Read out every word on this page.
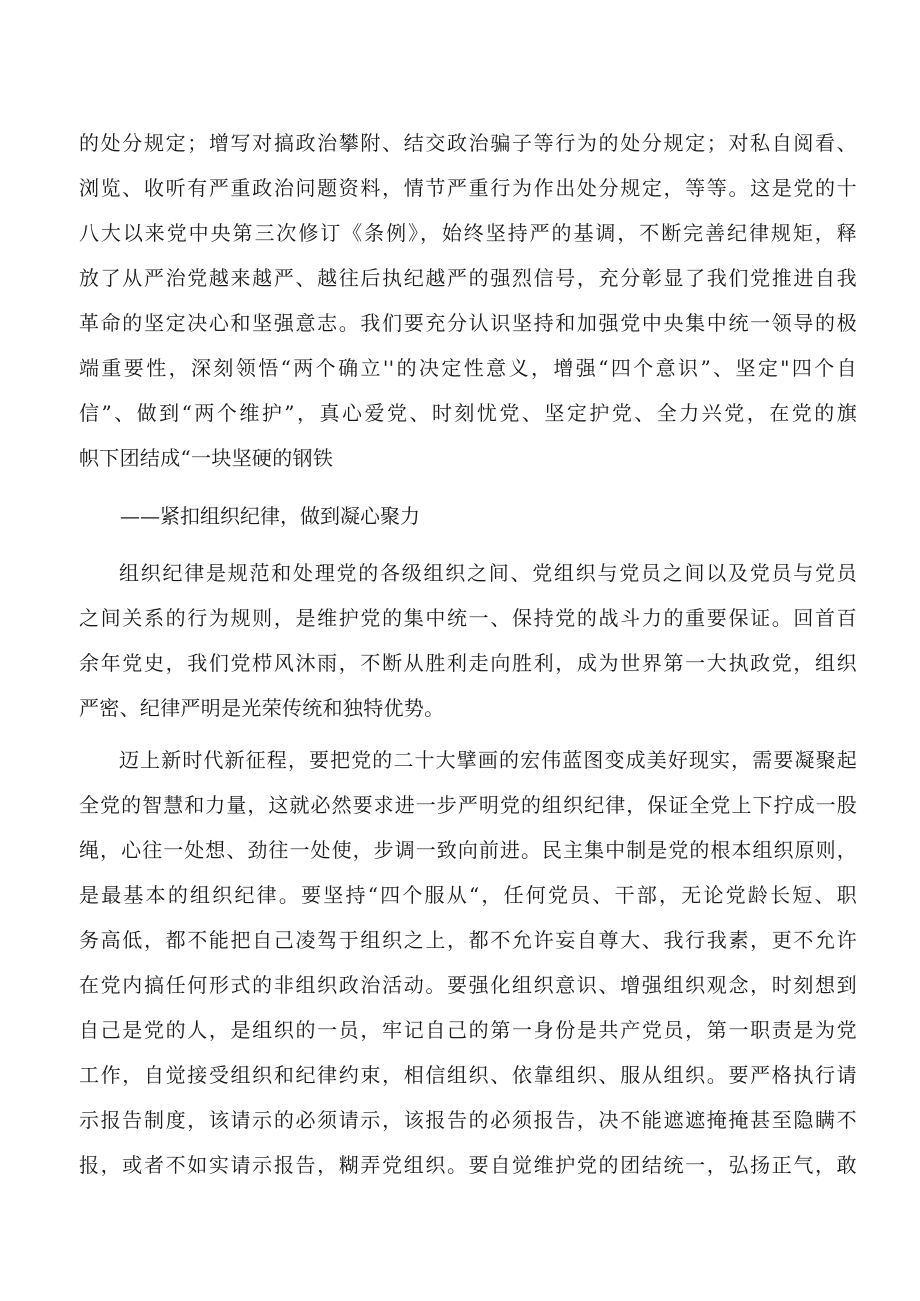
的处分规定；增写对搞政治攀附、结交政治骗子等行为的处分规定；对私自阅看、
浏览、收听有严重政治问题资料，情节严重行为作出处分规定，等等。这是党的十
八大以来党中央第三次修订《条例》，始终坚持严的基调，不断完善纪律规矩，释
放了从严治党越来越严、越往后执纪越严的强烈信号，充分彰显了我们党推进自我
革命的坚定决心和坚强意志。我们要充分认识坚持和加强党中央集中统一领导的极
端重要性，深刻领悟“两个确立''的决定性意义，增强“四个意识”、坚定"四个自
信”、做到“两个维护”，真心爱党、时刻忧党、坚定护党、全力兴党，在党的旗
帜下团结成“一块坚硬的钢铁
——紧扣组织纪律，做到凝心聚力
组织纪律是规范和处理党的各级组织之间、党组织与党员之间以及党员与党员
之间关系的行为规则，是维护党的集中统一、保持党的战斗力的重要保证。回首百
余年党史，我们党栉风沐雨，不断从胜利走向胜利，成为世界第一大执政党，组织
严密、纪律严明是光荣传统和独特优势。
迈上新时代新征程，要把党的二十大擘画的宏伟蓝图变成美好现实，需要凝聚起
全党的智慧和力量，这就必然要求进一步严明党的组织纪律，保证全党上下拧成一股
绳，心往一处想、劲往一处使，步调一致向前进。民主集中制是党的根本组织原则，
是最基本的组织纪律。要坚持“四个服从“，任何党员、干部，无论党龄长短、职
务高低，都不能把自己凌驾于组织之上，都不允许妄自尊大、我行我素，更不允许
在党内搞任何形式的非组织政治活动。要强化组织意识、增强组织观念，时刻想到
自己是党的人，是组织的一员，牢记自己的第一身份是共产党员，第一职责是为党
工作，自觉接受组织和纪律约束，相信组织、依靠组织、服从组织。要严格执行请
示报告制度，该请示的必须请示，该报告的必须报告，决不能遮遮掩掩甚至隐瞒不
报，或者不如实请示报告，糊弄党组织。要自觉维护党的团结统一，弘扬正气，敢
